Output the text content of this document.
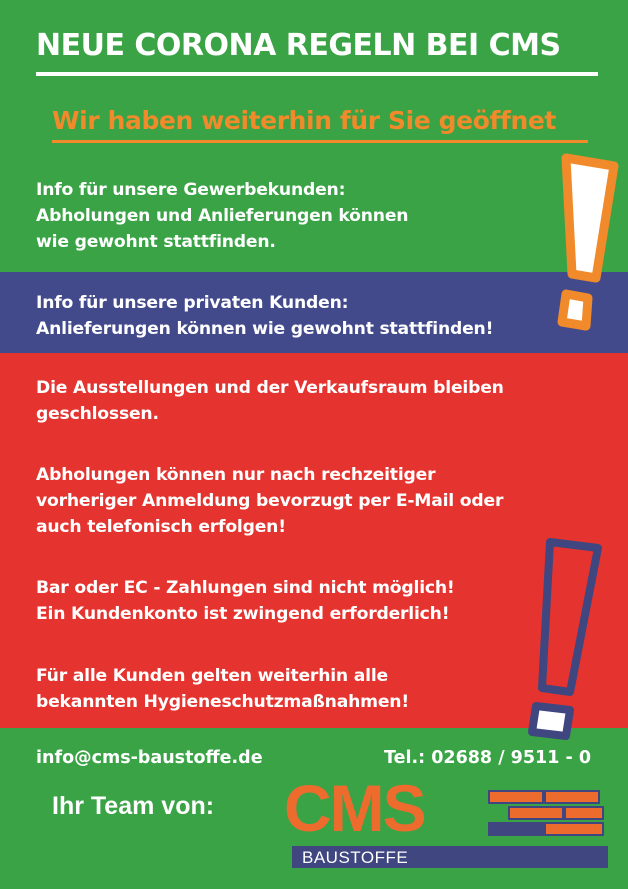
NEUE CORONA REGELN BEI CMS
Wir haben weiterhin für Sie geöffnet
Info für unsere Gewerbekunden:
Abholungen und Anlieferungen können
wie gewohnt stattfinden.
Info für unsere privaten Kunden:
Anlieferungen können wie gewohnt stattfinden!
Die Ausstellungen und der Verkaufsraum bleiben
geschlossen.
Abholungen können nur nach rechzeitiger
vorheriger Anmeldung bevorzugt per E-Mail oder
auch telefonisch erfolgen!
Bar oder EC - Zahlungen sind nicht möglich!
Ein Kundenkonto ist zwingend erforderlich!
Für alle Kunden gelten weiterhin alle
bekannten Hygieneschutzmaßnahmen!
info@cms-baustoffe.de	Tel.: 02688 / 9511 - 0
Ihr Team von: CMS
BAUSTOFFE
